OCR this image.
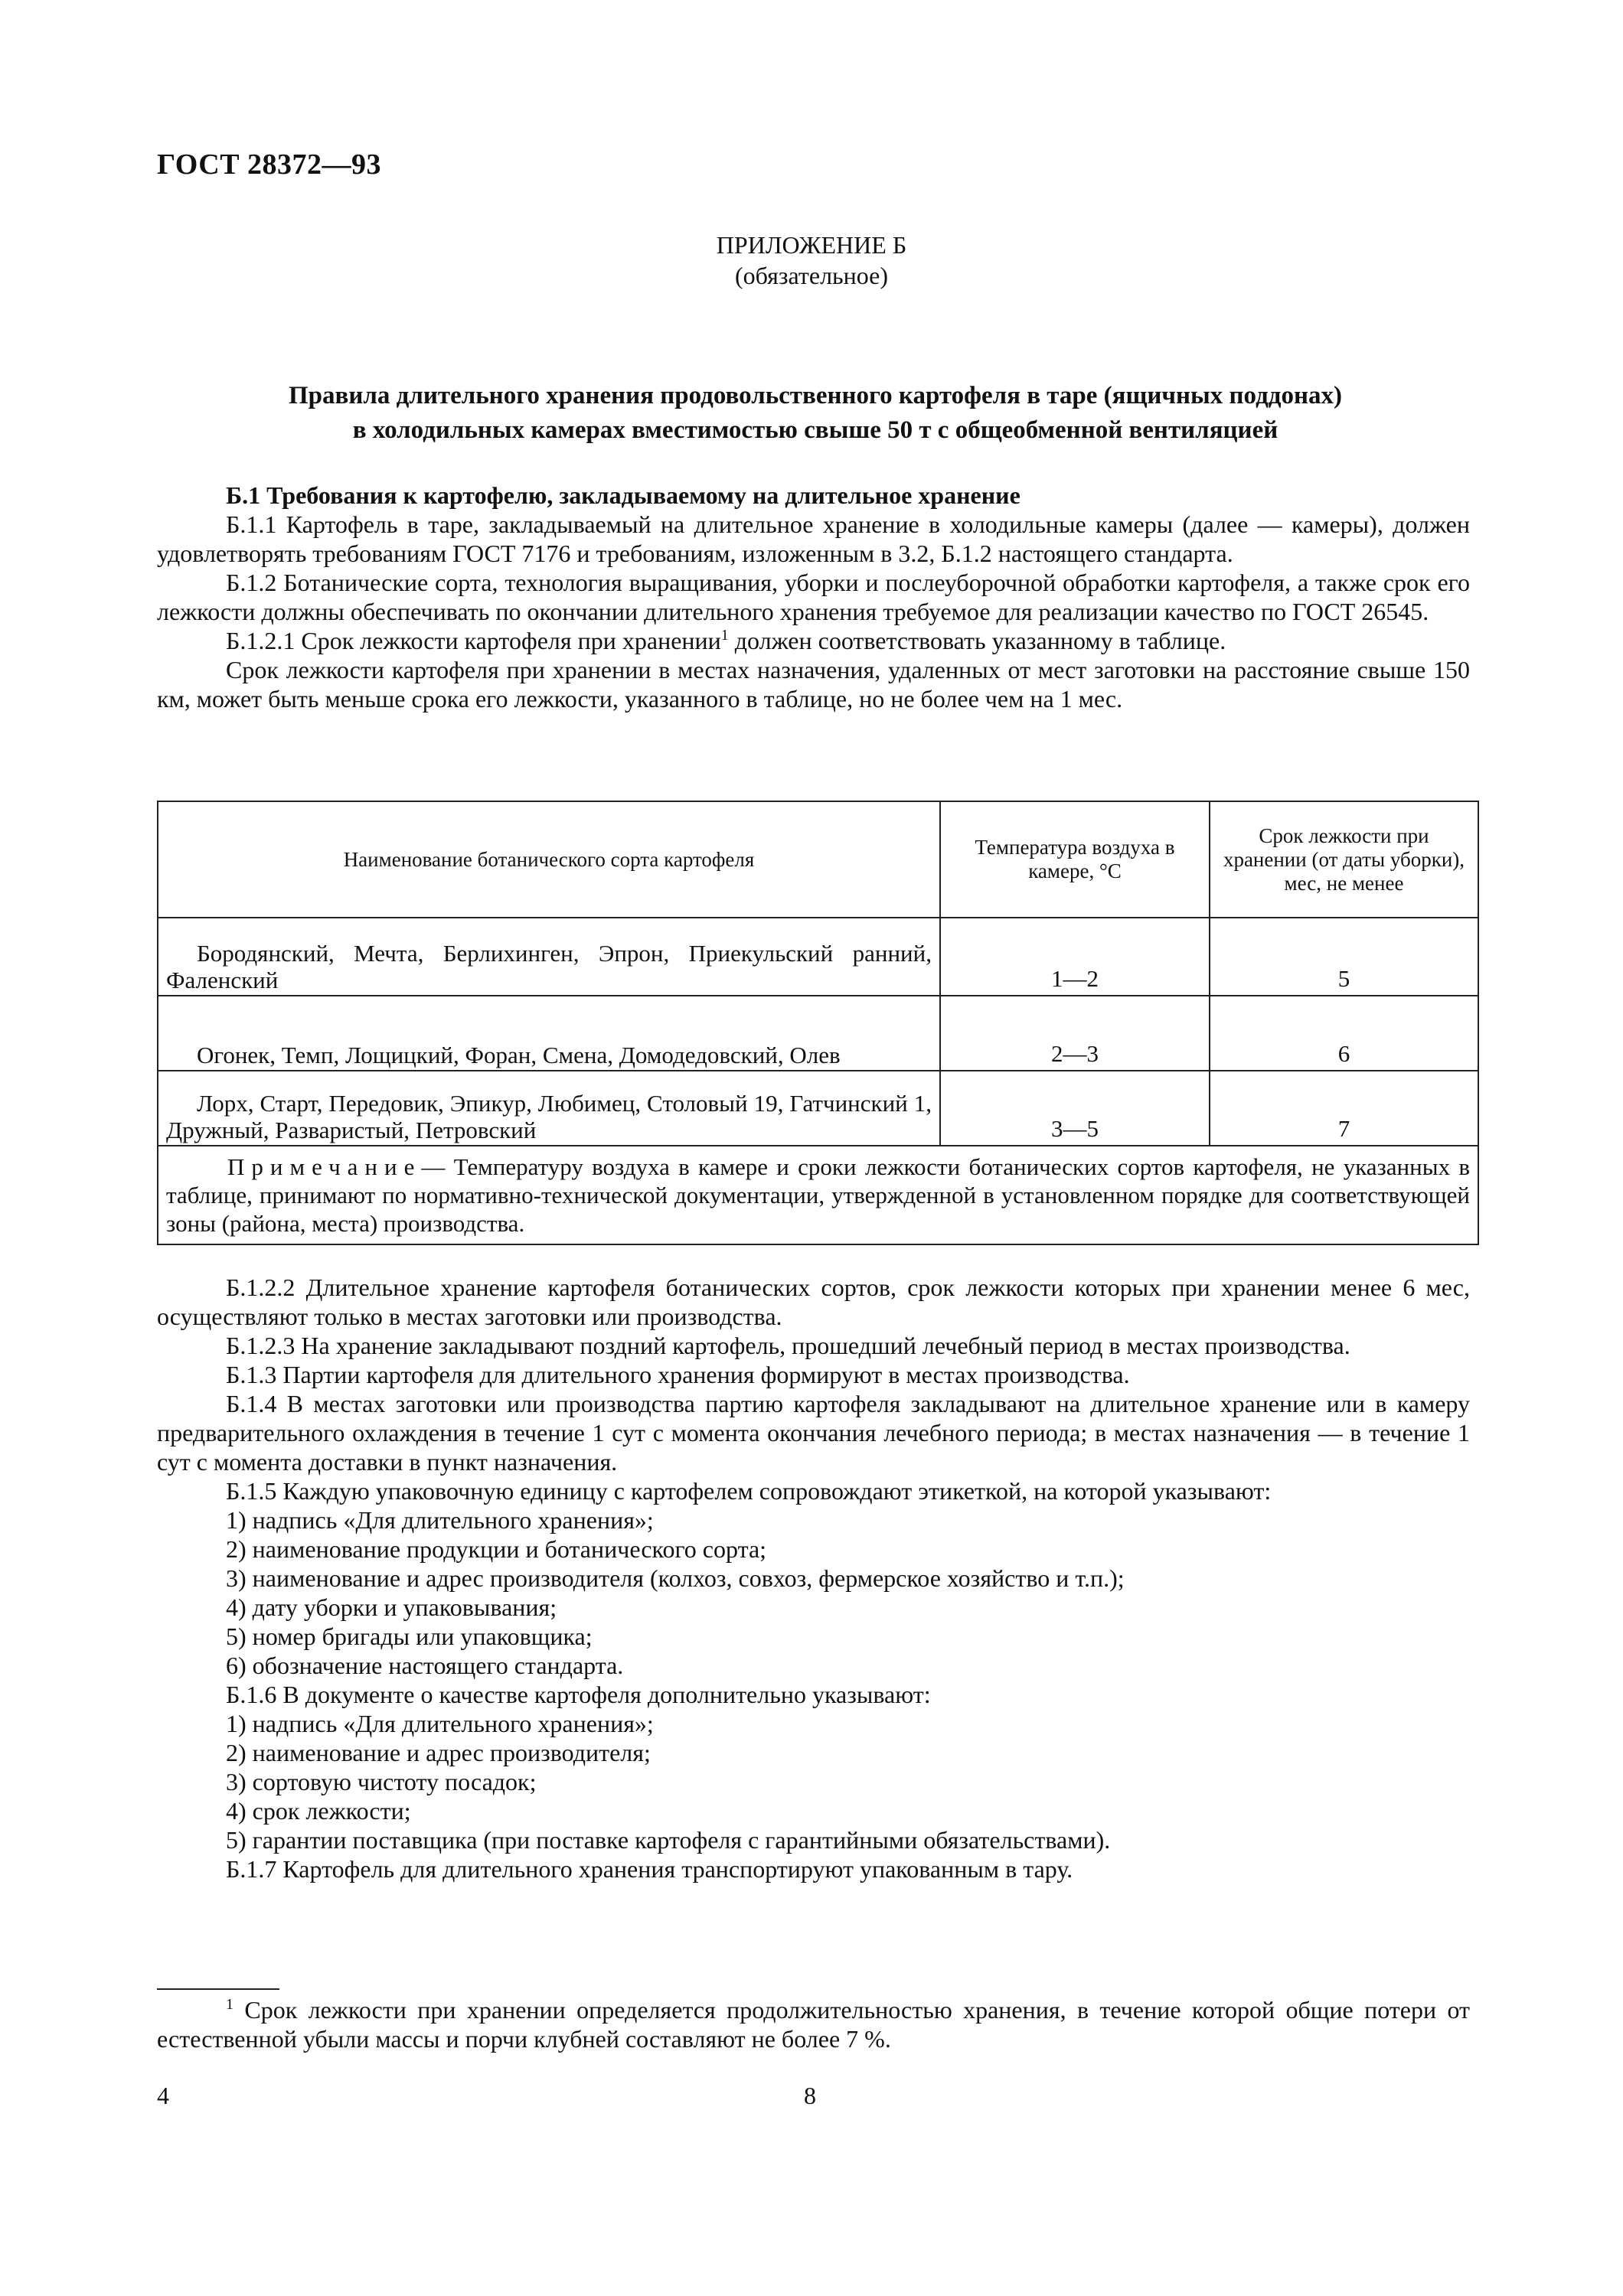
ГОСТ 28372—93
ПРИЛОЖЕНИЕ Б
(обязательное)
Правила длительного хранения продовольственного картофеля в таре (ящичных поддонах)
в холодильных камерах вместимостью свыше 50 т с общеобменной вентиляцией

Б.1 Требования к картофелю, закладываемому на длительное хранение

Б.1.1 Картофель в таре, закладываемый на длительное хранение в холодильные камеры (далее — камеры), должен удовлетворять требованиям ГОСТ 7176 и требованиям, изложенным в 3.2, Б.1.2 настоящего стандарта.

Б.1.2 Ботанические сорта, технология выращивания, уборки и послеуборочной обработки картофеля, а также срок его лежкости должны обеспечивать по окончании длительного хранения требуемое для реализации качество по ГОСТ 26545.

Б.1.2.1 Срок лежкости картофеля при хранении$^1$ должен соответствовать указанному в таблице.

Срок лежкости картофеля при хранении в местах назначения, удаленных от мест заготовки на расстояние свыше 150 км, может быть меньше срока его лежкости, указанного в таблице, но не более чем на 1 мес.

Наименование ботанического сорта картофеля	Температура воздуха в камере, °С	Срок лежкости при хранении (от даты уборки), мес, не менее
Бородянский, Мечта, Берлихинген, Эпрон, Приекульский ранний, Фаленский	1—2	5
Огонек, Темп, Лощицкий, Форан, Смена, Домодедовский, Олев	2—3	6
Лорх, Старт, Передовик, Эпикур, Любимец, Столовый 19, Гатчинский 1, Дружный, Разваристый, Петровский	3—5	7
Примечание— Температуру воздуха в камере и сроки лежкости ботанических сортов картофеля, не указанных в таблице, принимают по нормативно-технической документации, утвержденной в установленном порядке для соответствующей зоны (района, места) производства.		

Б.1.2.2 Длительное хранение картофеля ботанических сортов, срок лежкости которых при хранении менее 6 мес, осуществляют только в местах заготовки или производства.

Б.1.2.3 На хранение закладывают поздний картофель, прошедший лечебный период в местах производства.

Б.1.3 Партии картофеля для длительного хранения формируют в местах производства.

Б.1.4 В местах заготовки или производства партию картофеля закладывают на длительное хранение или в камеру предварительного охлаждения в течение 1 сут с момента окончания лечебного периода; в местах назначения — в течение 1 сут с момента доставки в пункт назначения.

Б.1.5 Каждую упаковочную единицу с картофелем сопровождают этикеткой, на которой указывают:

1) надпись «Для длительного хранения»;

2) наименование продукции и ботанического сорта;

3) наименование и адрес производителя (колхоз, совхоз, фермерское хозяйство и т.п.);

4) дату уборки и упаковывания;

5) номер бригады или упаковщика;

6) обозначение настоящего стандарта.

Б.1.6 В документе о качестве картофеля дополнительно указывают:

1) надпись «Для длительного хранения»;

2) наименование и адрес производителя;

3) сортовую чистоту посадок;

4) срок лежкости;

5) гарантии поставщика (при поставке картофеля с гарантийными обязательствами).

Б.1.7 Картофель для длительного хранения транспортируют упакованным в тару.

$^1$ Срок лежкости при хранении определяется продолжительностью хранения, в течение которой общие потери от естественной убыли массы и порчи клубней составляют не более 7 %.
4	8
